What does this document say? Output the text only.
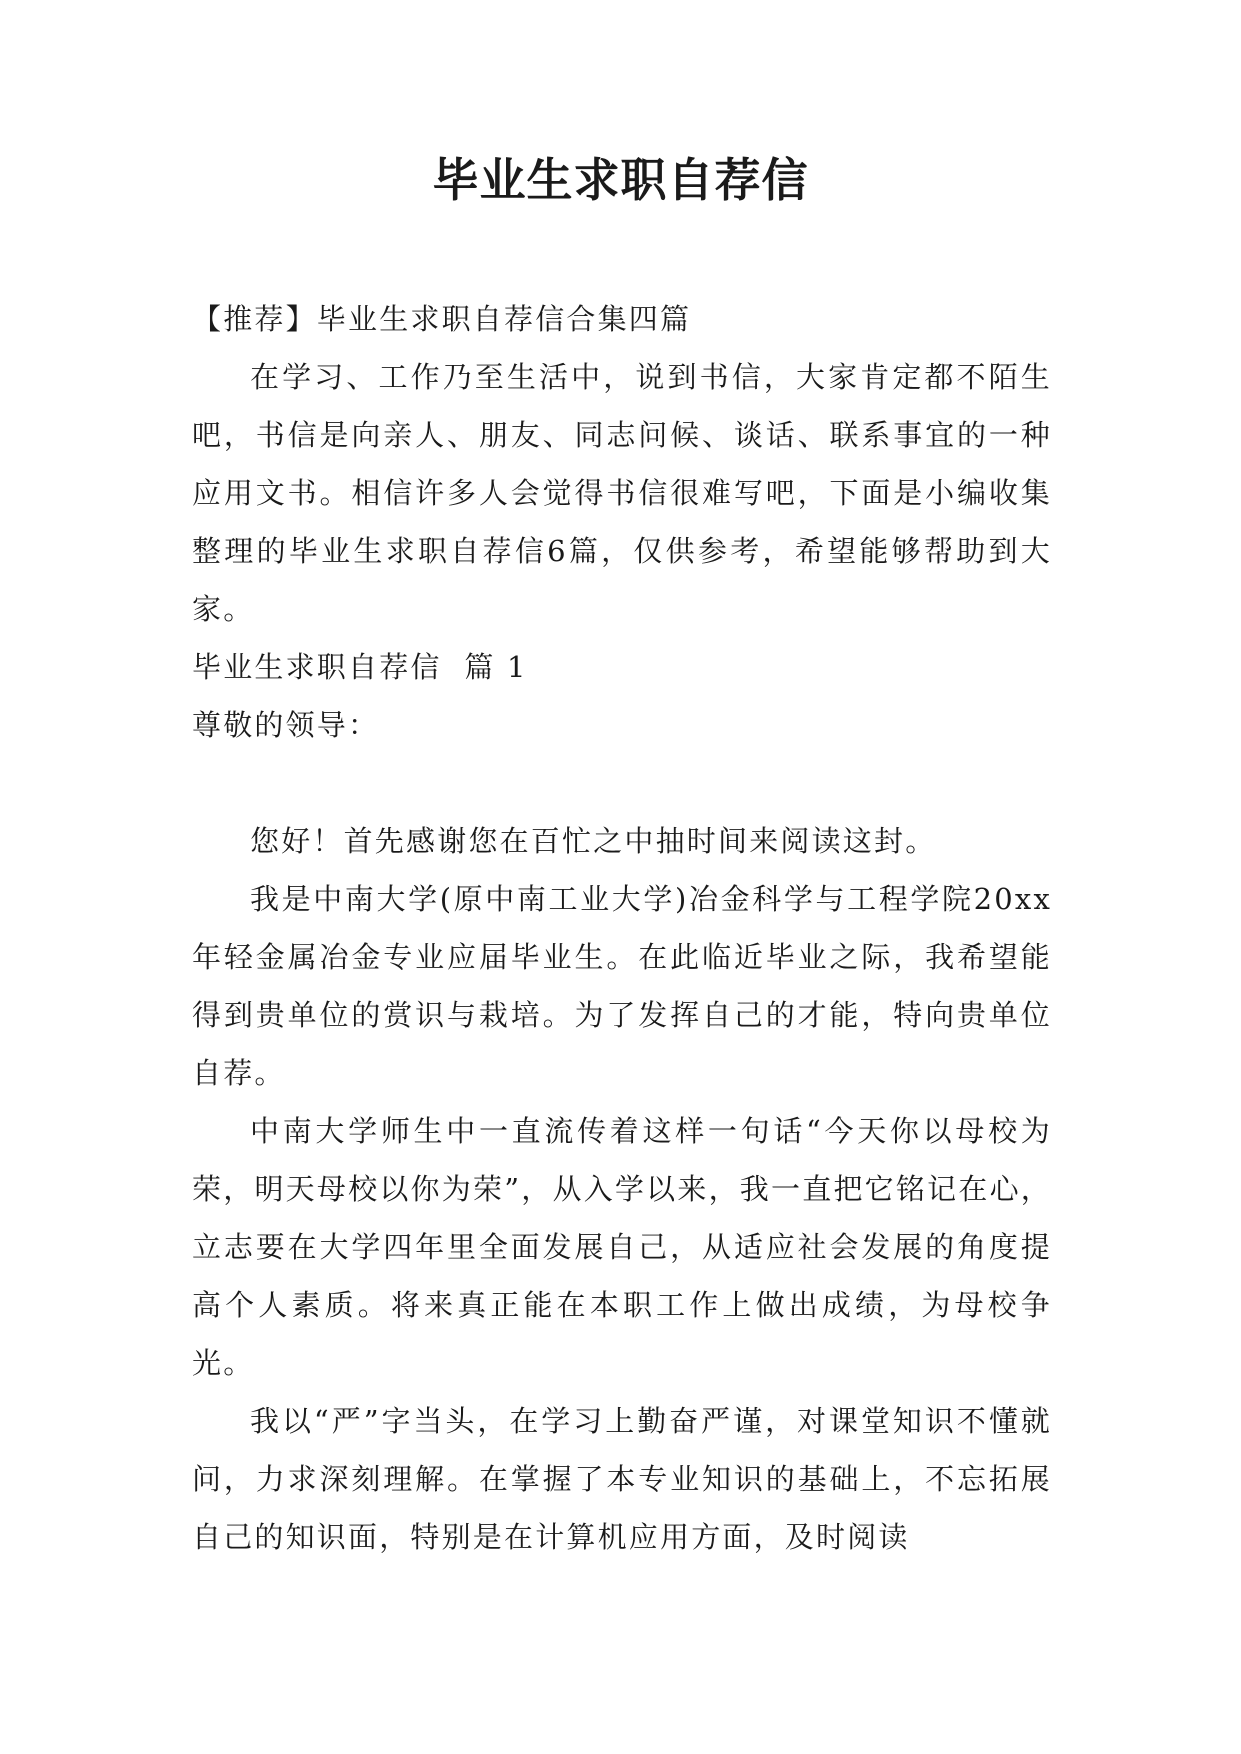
毕业生求职自荐信

【推荐】毕业生求职自荐信合集四篇

在学习、工作乃至生活中，说到书信，大家肯定都不陌生吧，书信是向亲人、朋友、同志问候、谈话、联系事宜的一种应用文书。相信许多人会觉得书信很难写吧，下面是小编收集整理的毕业生求职自荐信6篇，仅供参考，希望能够帮助到大家。

毕业生求职自荐信  篇 1

尊敬的领导：

您好！首先感谢您在百忙之中抽时间来阅读这封。

我是中南大学(原中南工业大学)冶金科学与工程学院20xx年轻金属冶金专业应届毕业生。在此临近毕业之际，我希望能得到贵单位的赏识与栽培。为了发挥自己的才能，特向贵单位自荐。

中南大学师生中一直流传着这样一句话“今天你以母校为荣，明天母校以你为荣”，从入学以来，我一直把它铭记在心，立志要在大学四年里全面发展自己，从适应社会发展的角度提高个人素质。将来真正能在本职工作上做出成绩，为母校争光。

我以“严”字当头，在学习上勤奋严谨，对课堂知识不懂就问，力求深刻理解。在掌握了本专业知识的基础上，不忘拓展自己的知识面，特别是在计算机应用方面，及时阅读
